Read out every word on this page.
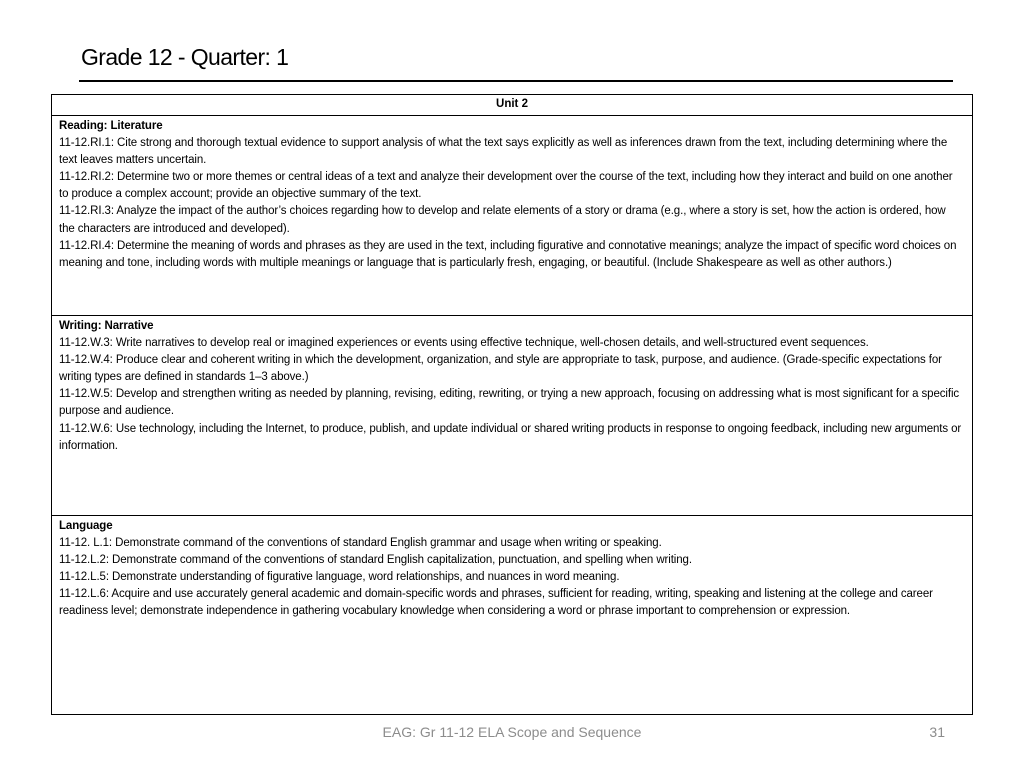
Grade 12 - Quarter: 1
Unit 2
Reading: Literature
11-12.RI.1: Cite strong and thorough textual evidence to support analysis of what the text says explicitly as well as inferences drawn from the text, including determining where the text leaves matters uncertain.
11-12.RI.2: Determine two or more themes or central ideas of a text and analyze their development over the course of the text, including how they interact and build on one another to produce a complex account; provide an objective summary of the text.
11-12.RI.3: Analyze the impact of the author’s choices regarding how to develop and relate elements of a story or drama (e.g., where a story is set, how the action is ordered, how the characters are introduced and developed).
11-12.RI.4: Determine the meaning of words and phrases as they are used in the text, including figurative and connotative meanings; analyze the impact of specific word choices on meaning and tone, including words with multiple meanings or language that is particularly fresh, engaging, or beautiful. (Include Shakespeare as well as other authors.)
Writing: Narrative
11-12.W.3: Write narratives to develop real or imagined experiences or events using effective technique, well-chosen details, and well-structured event sequences.
11-12.W.4: Produce clear and coherent writing in which the development, organization, and style are appropriate to task, purpose, and audience. (Grade-specific expectations for writing types are defined in standards 1–3 above.)
11-12.W.5: Develop and strengthen writing as needed by planning, revising, editing, rewriting, or trying a new approach, focusing on addressing what is most significant for a specific purpose and audience.
11-12.W.6: Use technology, including the Internet, to produce, publish, and update individual or shared writing products in response to ongoing feedback, including new arguments or information.
Language
11-12. L.1: Demonstrate command of the conventions of standard English grammar and usage when writing or speaking.
11-12.L.2: Demonstrate command of the conventions of standard English capitalization, punctuation, and spelling when writing.
11-12.L.5: Demonstrate understanding of figurative language, word relationships, and nuances in word meaning.
11-12.L.6: Acquire and use accurately general academic and domain-specific words and phrases, sufficient for reading, writing, speaking and listening at the college and career readiness level; demonstrate independence in gathering vocabulary knowledge when considering a word or phrase important to comprehension or expression.
EAG: Gr 11-12 ELA Scope and Sequence	31
